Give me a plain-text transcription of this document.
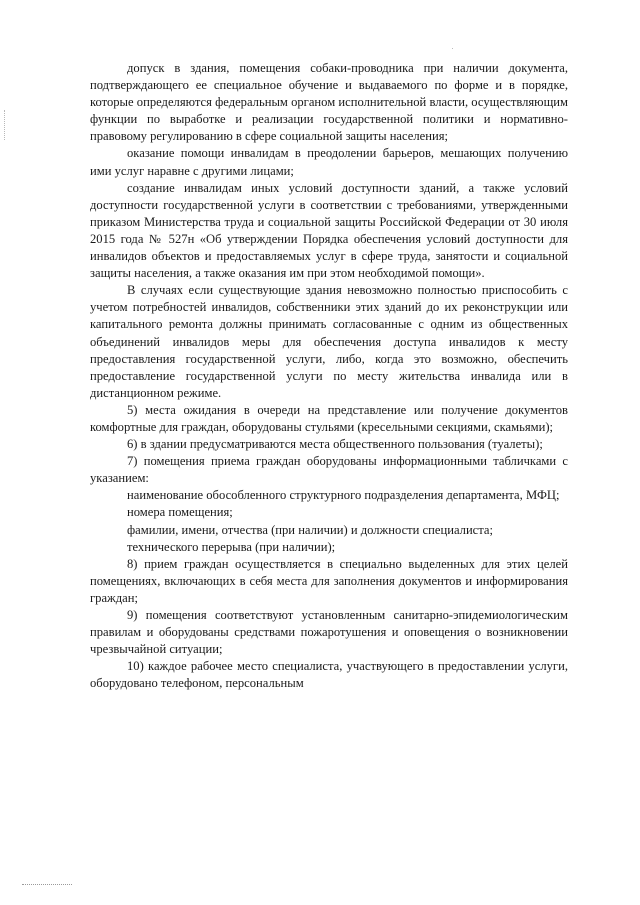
допуск в здания, помещения собаки-проводника при наличии документа, подтверждающего ее специальное обучение и выдаваемого по форме и в порядке, которые определяются федеральным органом исполнительной власти, осуществляющим функции по выработке и реализации государственной политики и нормативно-правовому регулированию в сфере социальной защиты населения;

оказание помощи инвалидам в преодолении барьеров, мешающих получению ими услуг наравне с другими лицами;

создание инвалидам иных условий доступности зданий, а также условий доступности государственной услуги в соответствии с требованиями, утвержденными приказом Министерства труда и социальной защиты Российской Федерации от 30 июля 2015 года № 527н «Об утверждении Порядка обеспечения условий доступности для инвалидов объектов и предоставляемых услуг в сфере труда, занятости и социальной защиты населения, а также оказания им при этом необходимой помощи».

В случаях если существующие здания невозможно полностью приспособить с учетом потребностей инвалидов, собственники этих зданий до их реконструкции или капитального ремонта должны принимать согласованные с одним из общественных объединений инвалидов меры для обеспечения доступа инвалидов к месту предоставления государственной услуги, либо, когда это возможно, обеспечить предоставление государственной услуги по месту жительства инвалида или в дистанционном режиме.

5) места ожидания в очереди на представление или получение документов комфортные для граждан, оборудованы стульями (кресельными секциями, скамьями);

6) в здании предусматриваются места общественного пользования (туалеты);

7) помещения приема граждан оборудованы информационными табличками с указанием:

наименование обособленного структурного подразделения департамента, МФЦ;

номера помещения;

фамилии, имени, отчества (при наличии) и должности специалиста;

технического перерыва (при наличии);

8) прием граждан осуществляется в специально выделенных для этих целей помещениях, включающих в себя места для заполнения документов и информирования граждан;

9) помещения соответствуют установленным санитарно-эпидемиологическим правилам и оборудованы средствами пожаротушения и оповещения о возникновении чрезвычайной ситуации;

10) каждое рабочее место специалиста, участвующего в предоставлении услуги, оборудовано телефоном, персональным
